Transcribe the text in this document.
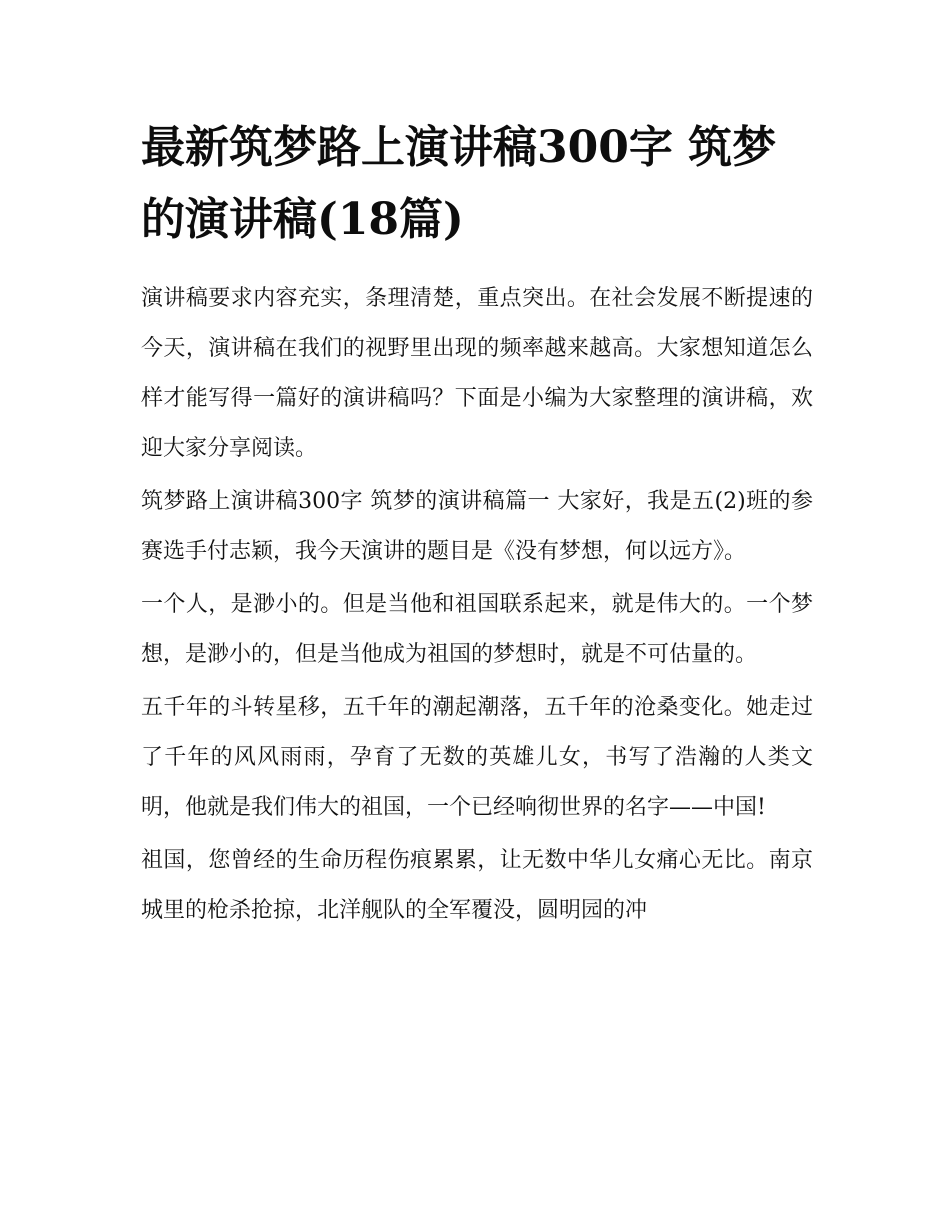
最新筑梦路上演讲稿300字 筑梦的演讲稿(18篇)

演讲稿要求内容充实，条理清楚，重点突出。在社会发展不断提速的今天，演讲稿在我们的视野里出现的频率越来越高。大家想知道怎么样才能写得一篇好的演讲稿吗？下面是小编为大家整理的演讲稿，欢迎大家分享阅读。

筑梦路上演讲稿300字 筑梦的演讲稿篇一 大家好，我是五(2)班的参赛选手付志颖，我今天演讲的题目是《没有梦想，何以远方》。

一个人，是渺小的。但是当他和祖国联系起来，就是伟大的。一个梦想，是渺小的，但是当他成为祖国的梦想时，就是不可估量的。

五千年的斗转星移，五千年的潮起潮落，五千年的沧桑变化。她走过了千年的风风雨雨，孕育了无数的英雄儿女，书写了浩瀚的人类文明，他就是我们伟大的祖国，一个已经响彻世界的名字——中国!

祖国，您曾经的生命历程伤痕累累，让无数中华儿女痛心无比。南京城里的枪杀抢掠，北洋舰队的全军覆没，圆明园的冲
